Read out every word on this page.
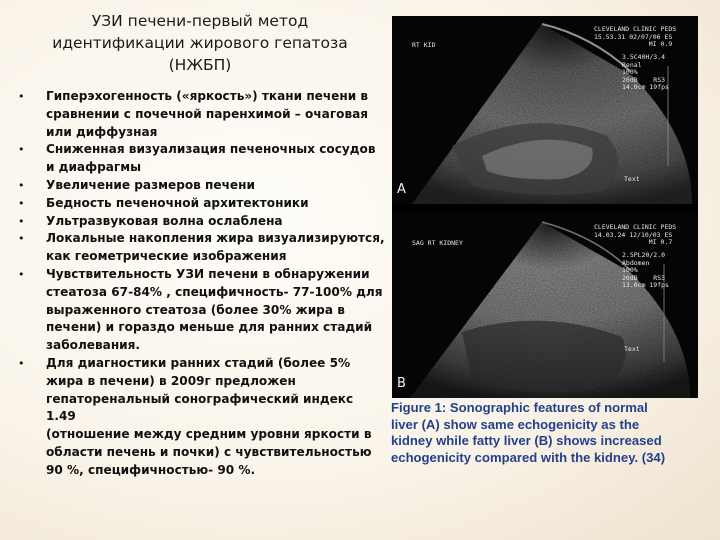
УЗИ печени-первый метод
идентификации жирового гепатоза
(НЖБП)
• Гиперэхогенность («яркость») ткани печени в
сравнении с почечной паренхимой – очаговая
или диффузная
• Сниженная визуализация печеночных сосудов
и диафрагмы
• Увеличение размеров печени
• Бедность печеночной архитектоники
• Ультразвуковая волна ослаблена
• Локальные накопления жира визуализируются,
как геометрические изображения
• Чувствительность УЗИ печени в обнаружении
стеатоза 67-84% , специфичность- 77-100% для
выраженного стеатоза (более 30% жира в
печени) и гораздо меньше для ранних стадий
заболевания.
• Для диагностики ранних стадий (более 5%
жира в печени) в 2009г предложен
гепаторенальный сонографический индекс 1.49
(отношение между средним уровни яркости в
области печень и почки) с чувствительностью
90 %, специфичностью- 90 %.
RT KID
CLEVELAND CLINIC PEDS
15.53.31 02/07/06 ES
MI 0.9
3.5C40H/3.4
Renal
100%
20dB    RS3
14.0cm 19fps
Text
A
SAG RT KIDNEY
CLEVELAND CLINIC PEDS
14.03.24 12/10/03 ES
MI 0.7
2.5PL20/2.0
Abdomen
100%
20dB    RS3
13.0cm 19fps
Text
B
Figure 1: Sonographic features of normal
liver (A) show same echogenicity as the
kidney while fatty liver (B) shows increased
echogenicity compared with the kidney. (34)
